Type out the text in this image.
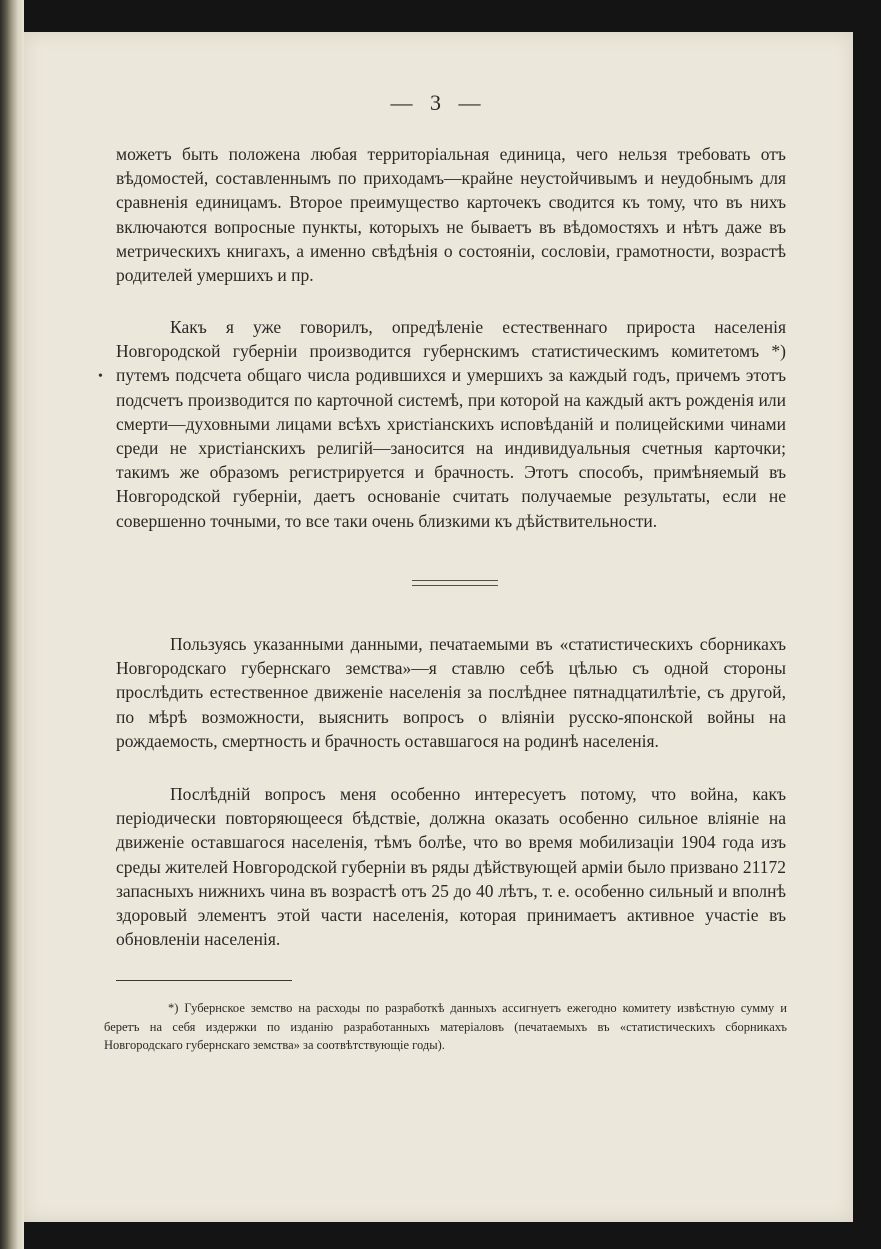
— 3 —
можетъ быть положена любая территоріальная единица, чего нельзя требовать отъ вѣдомостей, составленнымъ по приходамъ—крайне неустойчивымъ и неудобнымъ для сравненія единицамъ. Второе преимущество карточекъ сводится къ тому, что въ нихъ включаются вопросные пункты, которыхъ не бываетъ въ вѣдомостяхъ и нѣтъ даже въ метрическихъ книгахъ, а именно свѣдѣнія о состояніи, сословіи, грамотности, возрастѣ родителей умершихъ и пр.
•
Какъ я уже говорилъ, опредѣленіе естественнаго прироста населенія Новгородской губерніи производится губернскимъ статистическимъ комитетомъ *) путемъ подсчета общаго числа родившихся и умершихъ за каждый годъ, причемъ этотъ подсчетъ производится по карточной системѣ, при которой на каждый актъ рожденія или смерти—духовными лицами всѣхъ христіанскихъ исповѣданій и полицейскими чинами среди не христіанскихъ религій—заносится на индивидуальныя счетныя карточки; такимъ же образомъ регистрируется и брачность. Этотъ способъ, примѣняемый въ Новгородской губерніи, даетъ основаніе считать получаемые результаты, если не совершенно точными, то все таки очень близкими къ дѣйствительности.
Пользуясь указанными данными, печатаемыми въ «статистическихъ сборникахъ Новгородскаго губернскаго земства»—я ставлю себѣ цѣлью съ одной стороны прослѣдить естественное движеніе населенія за послѣднее пятнадцатилѣтіе, съ другой, по мѣрѣ возможности, выяснить вопросъ о вліяніи русско-японской войны на рождаемость, смертность и брачность оставшагося на родинѣ населенія.
Послѣдній вопросъ меня особенно интересуетъ потому, что война, какъ періодически повторяющееся бѣдствіе, должна оказать особенно сильное вліяніе на движеніе оставшагося населенія, тѣмъ болѣе, что во время мобилизаціи 1904 года изъ среды жителей Новгородской губерніи въ ряды дѣйствующей арміи было призвано 21172 запасныхъ нижнихъ чина въ возрастѣ отъ 25 до 40 лѣтъ, т. е. особенно сильный и вполнѣ здоровый элементъ этой части населенія, которая принимаетъ активное участіе въ обновленіи населенія.
*) Губернское земство на расходы по разработкѣ данныхъ ассигнуетъ ежегодно комитету извѣстную сумму и беретъ на себя издержки по изданію разработанныхъ матеріаловъ (печатаемыхъ въ «статистическихъ сборникахъ Новгородскаго губернскаго земства» за соотвѣтствующіе годы).
